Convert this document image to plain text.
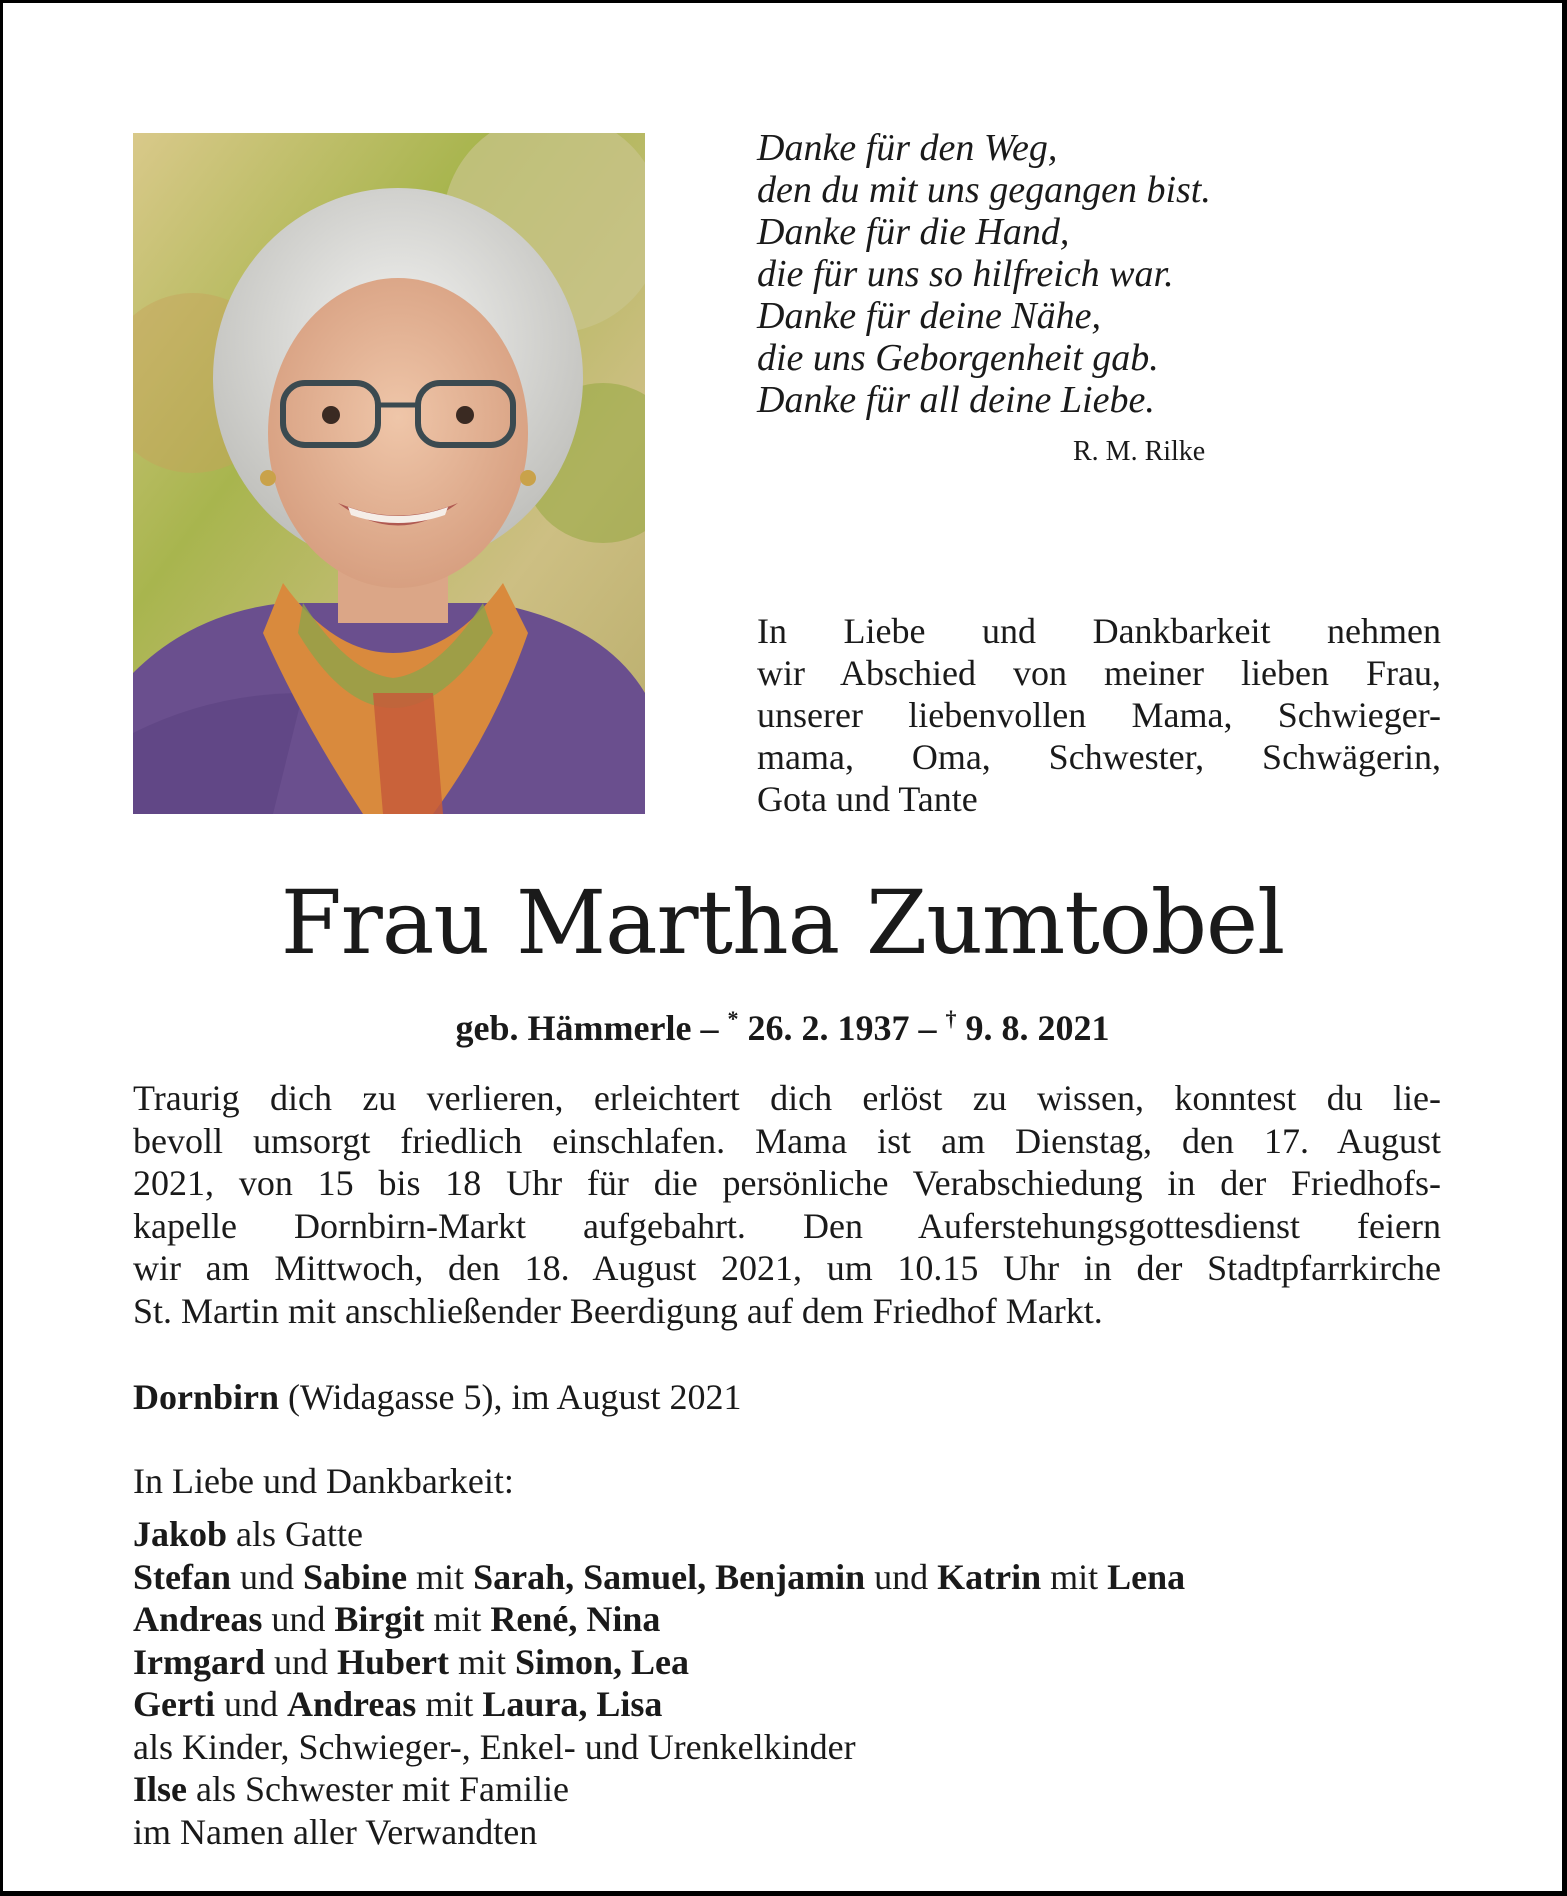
Danke für den Weg,
den du mit uns gegangen bist.
Danke für die Hand,
die für uns so hilfreich war.
Danke für deine Nähe,
die uns Geborgenheit gab.
Danke für all deine Liebe.
R. M. Rilke
In Liebe und Dankbarkeit nehmen
wir Abschied von meiner lieben Frau,
unserer liebenvollen Mama, Schwieger-
mama, Oma, Schwester, Schwägerin,
Gota und Tante
Frau Martha Zumtobel
geb. Hämmerle – * 26. 2. 1937 – † 9. 8. 2021
Traurig dich zu verlieren, erleichtert dich erlöst zu wissen, konntest du lie-
bevoll umsorgt friedlich einschlafen. Mama ist am Dienstag, den 17. August
2021, von 15 bis 18 Uhr für die persönliche Verabschiedung in der Friedhofs-
kapelle Dornbirn-Markt aufgebahrt. Den Auferstehungsgottesdienst feiern
wir am Mittwoch, den 18. August 2021, um 10.15 Uhr in der Stadtpfarrkirche
St. Martin mit anschließender Beerdigung auf dem Friedhof Markt.
Dornbirn (Widagasse 5), im August 2021
In Liebe und Dankbarkeit:
Jakob als Gatte
Stefan und Sabine mit Sarah, Samuel, Benjamin und Katrin mit Lena
Andreas und Birgit mit René, Nina
Irmgard und Hubert mit Simon, Lea
Gerti und Andreas mit Laura, Lisa
als Kinder, Schwieger-, Enkel- und Urenkelkinder
Ilse als Schwester mit Familie
im Namen aller Verwandten
